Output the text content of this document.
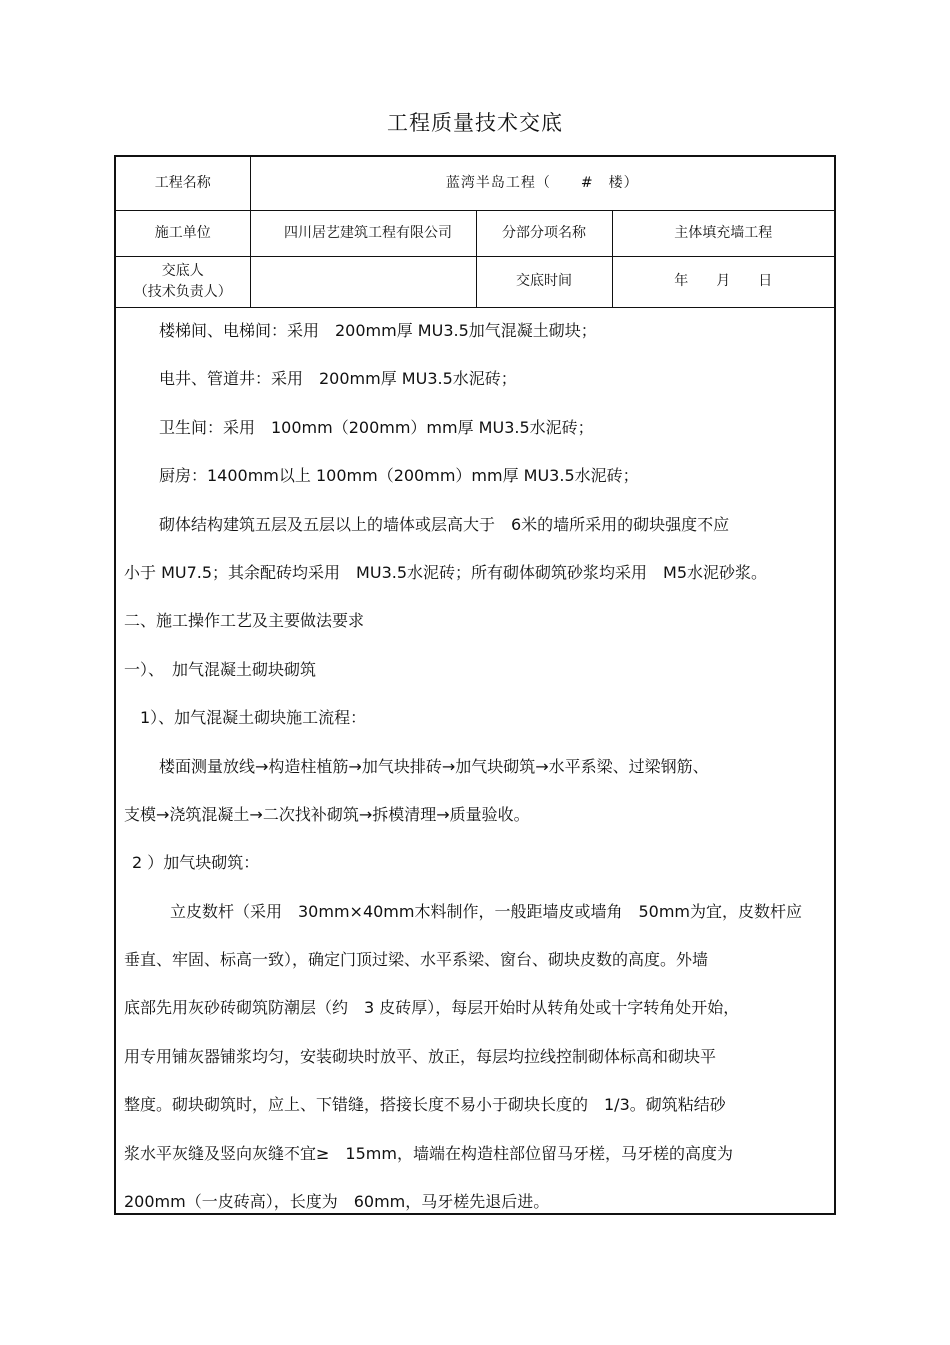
工程质量技术交底
工程名称	蓝湾半岛工程（　　#　楼）		
施工单位	四川居艺建筑工程有限公司	分部分项名称	主体填充墙工程

交底人
（技术负责人）		交底时间	年　　月　　日

楼梯间、电梯间：采用　200mm厚 MU3.5加气混凝土砌块；

电井、管道井：采用　200mm厚 MU3.5水泥砖；

卫生间：采用　100mm（200mm）mm厚 MU3.5水泥砖；

厨房：1400mm以上 100mm（200mm）mm厚 MU3.5水泥砖；

砌体结构建筑五层及五层以上的墙体或层高大于　6米的墙所采用的砌块强度不应

小于 MU7.5；其余配砖均采用　MU3.5水泥砖；所有砌体砌筑砂浆均采用　M5水泥砂浆。

二、施工操作工艺及主要做法要求

一）、　加气混凝土砌块砌筑

1）、加气混凝土砌块施工流程：

楼面测量放线→构造柱植筋→加气块排砖→加气块砌筑→水平系梁、过梁钢筋、

支模→浇筑混凝土→二次找补砌筑→拆模清理→质量验收。

2 ）加气块砌筑：

立皮数杆（采用　30mm×40mm木料制作，一般距墙皮或墙角　50mm为宜，皮数杆应

垂直、牢固、标高一致），确定门顶过梁、水平系梁、窗台、砌块皮数的高度。外墙

底部先用灰砂砖砌筑防潮层（约　3 皮砖厚），每层开始时从转角处或十字转角处开始，

用专用铺灰器铺浆均匀，安装砌块时放平、放正，每层均拉线控制砌体标高和砌块平

整度。砌块砌筑时，应上、下错缝，搭接长度不易小于砌块长度的　1/3。砌筑粘结砂

浆水平灰缝及竖向灰缝不宜≥　15mm，墙端在构造柱部位留马牙槎，马牙槎的高度为

200mm（一皮砖高），长度为　60mm，马牙槎先退后进。
